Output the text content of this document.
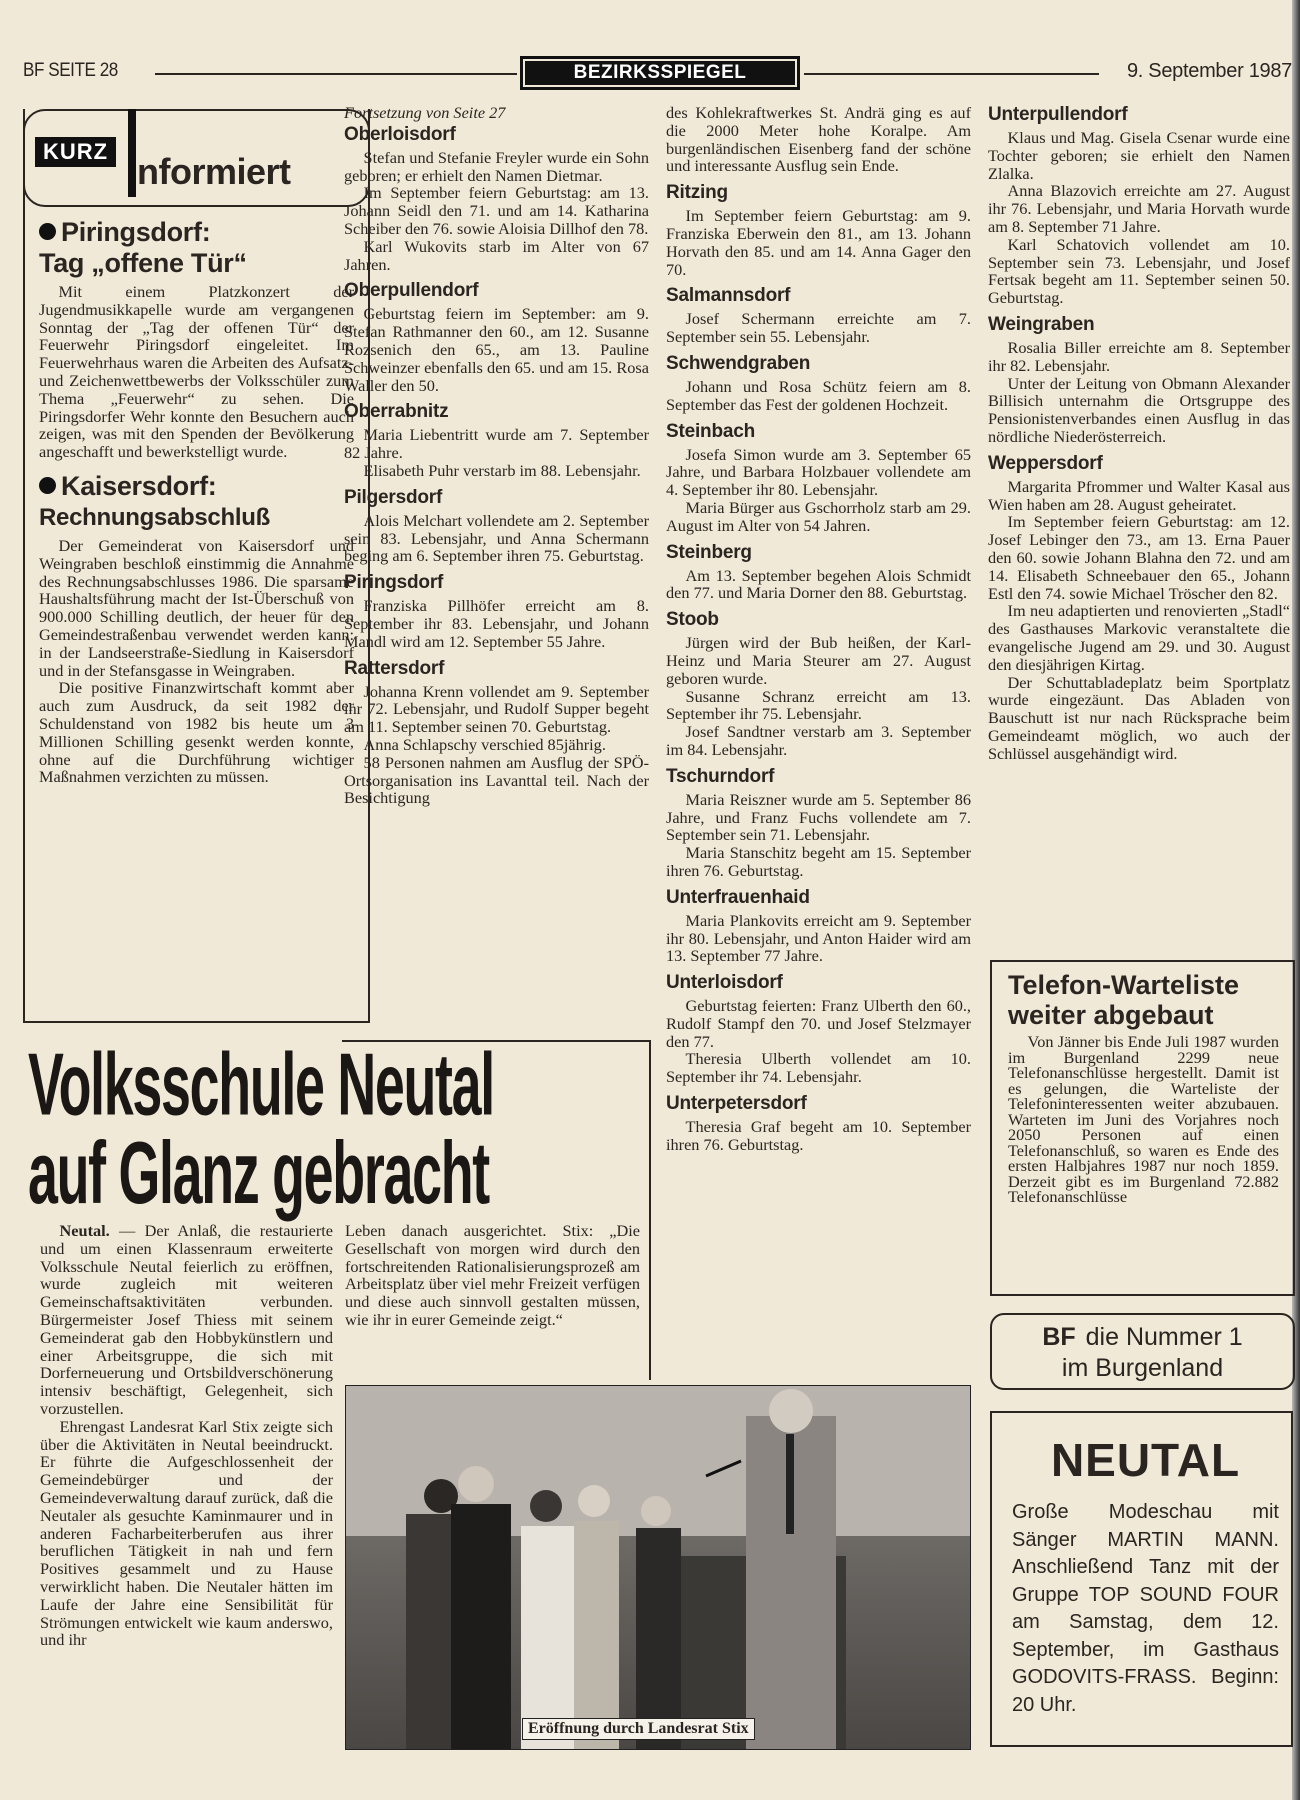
BF SEITE 28	BEZIRKSSPIEGEL	9. September 1987
KURZ nformiert
Piringsdorf:
Tag „offene Tür“

Mit einem Platzkonzert der Jugendmusikkapelle wurde am vergangenen Sonntag der „Tag der offenen Tür“ der Feuerwehr Piringsdorf eingeleitet. Im Feuerwehrhaus waren die Arbeiten des Aufsatz- und Zeichenwettbewerbs der Volksschüler zum Thema „Feuerwehr“ zu sehen. Die Piringsdorfer Wehr konnte den Besuchern auch zeigen, was mit den Spenden der Bevölkerung angeschafft und bewerkstelligt wurde.

Kaisersdorf:
Rechnungsabschluß

Der Gemeinderat von Kaisersdorf und Weingraben beschloß einstimmig die Annahme des Rechnungsabschlusses 1986. Die sparsame Haushaltsführung macht der Ist-Überschuß von 900.000 Schilling deutlich, der heuer für den Gemeindestraßenbau verwendet werden kann: in der Landseerstraße-Siedlung in Kaisersdorf und in der Stefansgasse in Weingraben.

Die positive Finanzwirtschaft kommt aber auch zum Ausdruck, da seit 1982 der Schuldenstand von 1982 bis heute um 3 Millionen Schilling gesenkt werden konnte, ohne auf die Durchführung wichtiger Maßnahmen verzichten zu müssen.

Fortsetzung von Seite 27

Oberloisdorf

Stefan und Stefanie Freyler wurde ein Sohn geboren; er erhielt den Namen Dietmar.

Im September feiern Geburtstag: am 13. Johann Seidl den 71. und am 14. Katharina Scheiber den 76. sowie Aloisia Dillhof den 78.

Karl Wukovits starb im Alter von 67 Jahren.

Oberpullendorf

Geburtstag feiern im September: am 9. Stefan Rathmanner den 60., am 12. Susanne Rozsenich den 65., am 13. Pauline Schweinzer ebenfalls den 65. und am 15. Rosa Waller den 50.

Oberrabnitz

Maria Liebentritt wurde am 7. September 82 Jahre.

Elisabeth Puhr verstarb im 88. Lebensjahr.

Pilgersdorf

Alois Melchart vollendete am 2. September sein 83. Lebensjahr, und Anna Schermann beging am 6. September ihren 75. Geburtstag.

Piringsdorf

Franziska Pillhöfer erreicht am 8. September ihr 83. Lebensjahr, und Johann Mandl wird am 12. September 55 Jahre.

Rattersdorf

Johanna Krenn vollendet am 9. September ihr 72. Lebensjahr, und Rudolf Supper begeht am 11. September seinen 70. Geburtstag.

Anna Schlapschy verschied 85jährig.

58 Personen nahmen am Ausflug der SPÖ-Ortsorganisation ins Lavanttal teil. Nach der Besichtigung

des Kohlekraftwerkes St. Andrä ging es auf die 2000 Meter hohe Koralpe. Am burgenländischen Eisenberg fand der schöne und interessante Ausflug sein Ende.

Ritzing

Im September feiern Geburtstag: am 9. Franziska Eberwein den 81., am 13. Johann Horvath den 85. und am 14. Anna Gager den 70.

Salmannsdorf

Josef Schermann erreichte am 7. September sein 55. Lebensjahr.

Schwendgraben

Johann und Rosa Schütz feiern am 8. September das Fest der goldenen Hochzeit.

Steinbach

Josefa Simon wurde am 3. September 65 Jahre, und Barbara Holzbauer vollendete am 4. September ihr 80. Lebensjahr.

Maria Bürger aus Gschorrholz starb am 29. August im Alter von 54 Jahren.

Steinberg

Am 13. September begehen Alois Schmidt den 77. und Maria Dorner den 88. Geburtstag.

Stoob

Jürgen wird der Bub heißen, der Karl-Heinz und Maria Steurer am 27. August geboren wurde.

Susanne Schranz erreicht am 13. September ihr 75. Lebensjahr.

Josef Sandtner verstarb am 3. September im 84. Lebensjahr.

Tschurndorf

Maria Reiszner wurde am 5. September 86 Jahre, und Franz Fuchs vollendete am 7. September sein 71. Lebensjahr.

Maria Stanschitz begeht am 15. September ihren 76. Geburtstag.

Unterfrauenhaid

Maria Plankovits erreicht am 9. September ihr 80. Lebensjahr, und Anton Haider wird am 13. September 77 Jahre.

Unterloisdorf

Geburtstag feierten: Franz Ulberth den 60., Rudolf Stampf den 70. und Josef Stelzmayer den 77.

Theresia Ulberth vollendet am 10. September ihr 74. Lebensjahr.

Unterpetersdorf

Theresia Graf begeht am 10. September ihren 76. Geburtstag.

Unterpullendorf

Klaus und Mag. Gisela Csenar wurde eine Tochter geboren; sie erhielt den Namen Zlalka.

Anna Blazovich erreichte am 27. August ihr 76. Lebensjahr, und Maria Horvath wurde am 8. September 71 Jahre.

Karl Schatovich vollendet am 10. September sein 73. Lebensjahr, und Josef Fertsak begeht am 11. September seinen 50. Geburtstag.

Weingraben

Rosalia Biller erreichte am 8. September ihr 82. Lebensjahr.

Unter der Leitung von Obmann Alexander Billisich unternahm die Ortsgruppe des Pensionistenverbandes einen Ausflug in das nördliche Niederösterreich.

Weppersdorf

Margarita Pfrommer und Walter Kasal aus Wien haben am 28. August geheiratet.

Im September feiern Geburtstag: am 12. Josef Lebinger den 73., am 13. Erna Pauer den 60. sowie Johann Blahna den 72. und am 14. Elisabeth Schneebauer den 65., Johann Estl den 74. sowie Michael Tröscher den 82.

Im neu adaptierten und renovierten „Stadl“ des Gasthauses Markovic veranstaltete die evangelische Jugend am 29. und 30. August den diesjährigen Kirtag.

Der Schuttabladeplatz beim Sportplatz wurde eingezäunt. Das Abladen von Bauschutt ist nur nach Rücksprache beim Gemeindeamt möglich, wo auch der Schlüssel ausgehändigt wird.

Telefon-Warteliste
weiter abgebaut

Von Jänner bis Ende Juli 1987 wurden im Burgenland 2299 neue Telefonanschlüsse hergestellt. Damit ist es gelungen, die Warteliste der Telefoninteressenten weiter abzubauen. Warteten im Juni des Vorjahres noch 2050 Personen auf einen Telefonanschluß, so waren es Ende des ersten Halbjahres 1987 nur noch 1859. Derzeit gibt es im Burgenland 72.882 Telefonanschlüsse

BF die Nummer 1
im Burgenland
NEUTAL
Große Modeschau mit Sänger MARTIN MANN. Anschließend Tanz mit der Gruppe TOP SOUND FOUR am Samstag, dem 12. September, im Gasthaus GODOVITS-FRASS. Beginn: 20 Uhr.
Volksschule Neutal
auf Glanz gebracht

Neutal. — Der Anlaß, die restaurierte und um einen Klassenraum erweiterte Volksschule Neutal feierlich zu eröffnen, wurde zugleich mit weiteren Gemeinschaftsaktivitäten verbunden. Bürgermeister Josef Thiess mit seinem Gemeinderat gab den Hobbykünstlern und einer Arbeitsgruppe, die sich mit Dorferneuerung und Ortsbildverschönerung intensiv beschäftigt, Gelegenheit, sich vorzustellen.

Ehrengast Landesrat Karl Stix zeigte sich über die Aktivitäten in Neutal beeindruckt. Er führte die Aufgeschlossenheit der Gemeindebürger und der Gemeindeverwaltung darauf zurück, daß die Neutaler als gesuchte Kaminmaurer und in anderen Facharbeiterberufen aus ihrer beruflichen Tätigkeit in nah und fern Positives gesammelt und zu Hause verwirklicht haben. Die Neutaler hätten im Laufe der Jahre eine Sensibilität für Strömungen entwickelt wie kaum anderswo, und ihr

Leben danach ausgerichtet. Stix: „Die Gesellschaft von morgen wird durch den fortschreitenden Rationalisierungsprozeß am Arbeitsplatz über viel mehr Freizeit verfügen und diese auch sinnvoll gestalten müssen, wie ihr in eurer Gemeinde zeigt.“

Eröffnung durch Landesrat Stix
